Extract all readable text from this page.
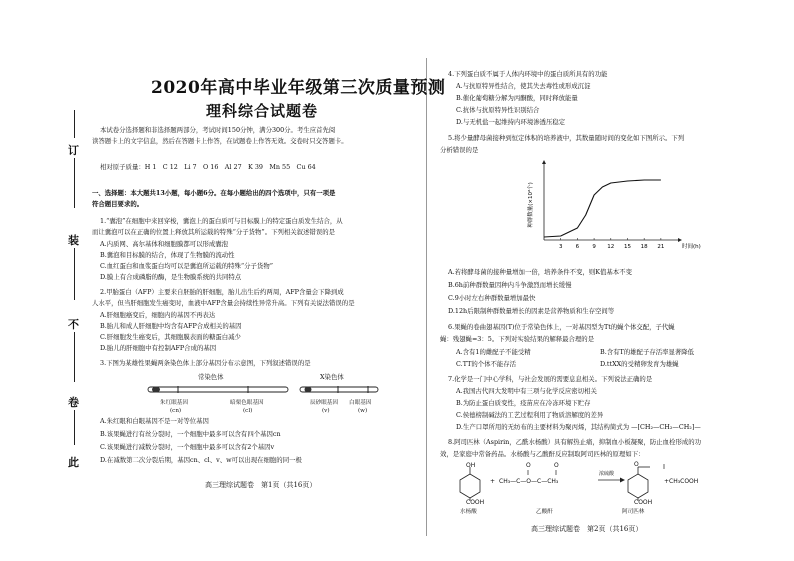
订
装
不
卷
此
2020年高中毕业年级第三次质量预测
理科综合试题卷
本试卷分选择题和非选择题两部分，考试时间150分钟，满分300分。考生应首先阅
读答题卡上的文字信息，然后在答题卡上作答，在试题卷上作答无效。交卷时只交答题卡。
相对原子质量：H 1　C 12　Li 7　O 16　Al 27　K 39　Mn 55　Cu 64
一、选择题：本大题共13小题，每小题6分。在每小题给出的四个选项中，只有一项是
符合题目要求的。
1.“囊泡”在细胞中来回穿梭，囊泡上的蛋白质可与目标膜上的特定蛋白质发生结合，从
而让囊泡可以在正确的位置上释放其所运载的特殊“分子货物”。下列相关叙述错误的是
A.内质网、高尔基体和细胞膜都可以形成囊泡
B.囊泡和目标膜的结合，体现了生物膜的流动性
C.血红蛋白和血浆蛋白均可以是囊泡所运载的特殊“分子货物”
D.膜上有合成磷脂的酶，是生物膜系统的共同特点
2.甲胎蛋白（AFP）主要来自胚胎的肝细胞，胎儿出生后约两周，AFP含量会下降到成
人水平，但当肝细胞发生癌变时，血液中AFP含量会持续性异常升高。下列有关说法错误的是
A.肝细胞癌变后，细胞内的基因不再表达
B.胎儿和成人肝细胞中均含有AFP合成相关的基因
C.肝细胞发生癌变后，其细胞膜表面的糖蛋白减少
D.胎儿的肝细胞中有控制AFP合成的基因
3.下图为某雄性果蝇两条染色体上部分基因分布示意图，下列叙述错误的是
常染色体	X染色体
朱红眼基因	暗栗色眼基因	辰砂眼基因 白眼基因
(cn)	(cl)	(v)	(w)
A.朱红眼和白眼基因不是一对等位基因
B.该果蝇进行有丝分裂时，一个细胞中最多可以含有四个基因cn
C.该果蝇进行减数分裂时，一个细胞中最多可以含有2个基因v
D.在减数第二次分裂后期，基因cn、cl、v、w可以出现在细胞的同一极
高三理综试题卷　第1页（共16页）
4.下列蛋白质不属于人体内环境中的蛋白质所具有的功能
A.与抗原特异性结合，使其失去毒性或形成沉淀
B.催化葡萄糖分解为丙酮酸，同时释放能量
C.抗体与抗原特异性识别结合
D.与无机盐一起维持内环境渗透压稳定
5.将少量酵母菌接种到恒定体积的培养液中，其数量随时间的变化如下图所示。下列
分析错误的是
3 6 9 12 15 18 21	时间(h)
种群数量(×10²个)
A.若将酵母菌的接种量增加一倍，培养条件不变，则K值基本不变
B.6h前种群数量因种内斗争激烈而增长缓慢
C.9小时左右种群数量增加最快
D.12h后限制种群数量增长的因素是营养物质和生存空间等
6.果蝇的卷曲翅基因(T)位于常染色体上，一对基因型为Tt的蝇个体交配，子代蝇
蝇：残翅蝇=3：5。下列对实验结果的解释最合理的是
A.含有1的雌配子不能受精	B.含有T的雄配子存活率显著降低
C.TT的个体不能存活	D.ttXX的受精卵发育为雄蝇
7.化学是一门中心学科，与社会发展的需要息息相关。下列说法正确的是
A.我国古代四大发明中有三项与化学反应密切相关
B.为防止蛋白质变性，疫苗应在冷冻环境下贮存
C.侯德榜制碱法的工艺过程利用了物质溶解度的差异
D.生产口罩所用的无纺布的主要材料为聚丙烯，其结构简式为 —[CH₂—CH₂—CH₂]—
8.阿司匹林（Aspirin，乙酰水杨酸）具有解热止痛，抑制血小板凝聚，防止血栓形成的功
效，是家庭中常备药品。水杨酸与乙酸酐反应制取阿司匹林的原理如下：
OH
COOH
+ CH₃—C—O—C—CH₃
O	O
浓硫酸
O
COOH
+CH₃COOH
水杨酸	乙酸酐	阿司匹林
高三理综试题卷　第2页（共16页）
